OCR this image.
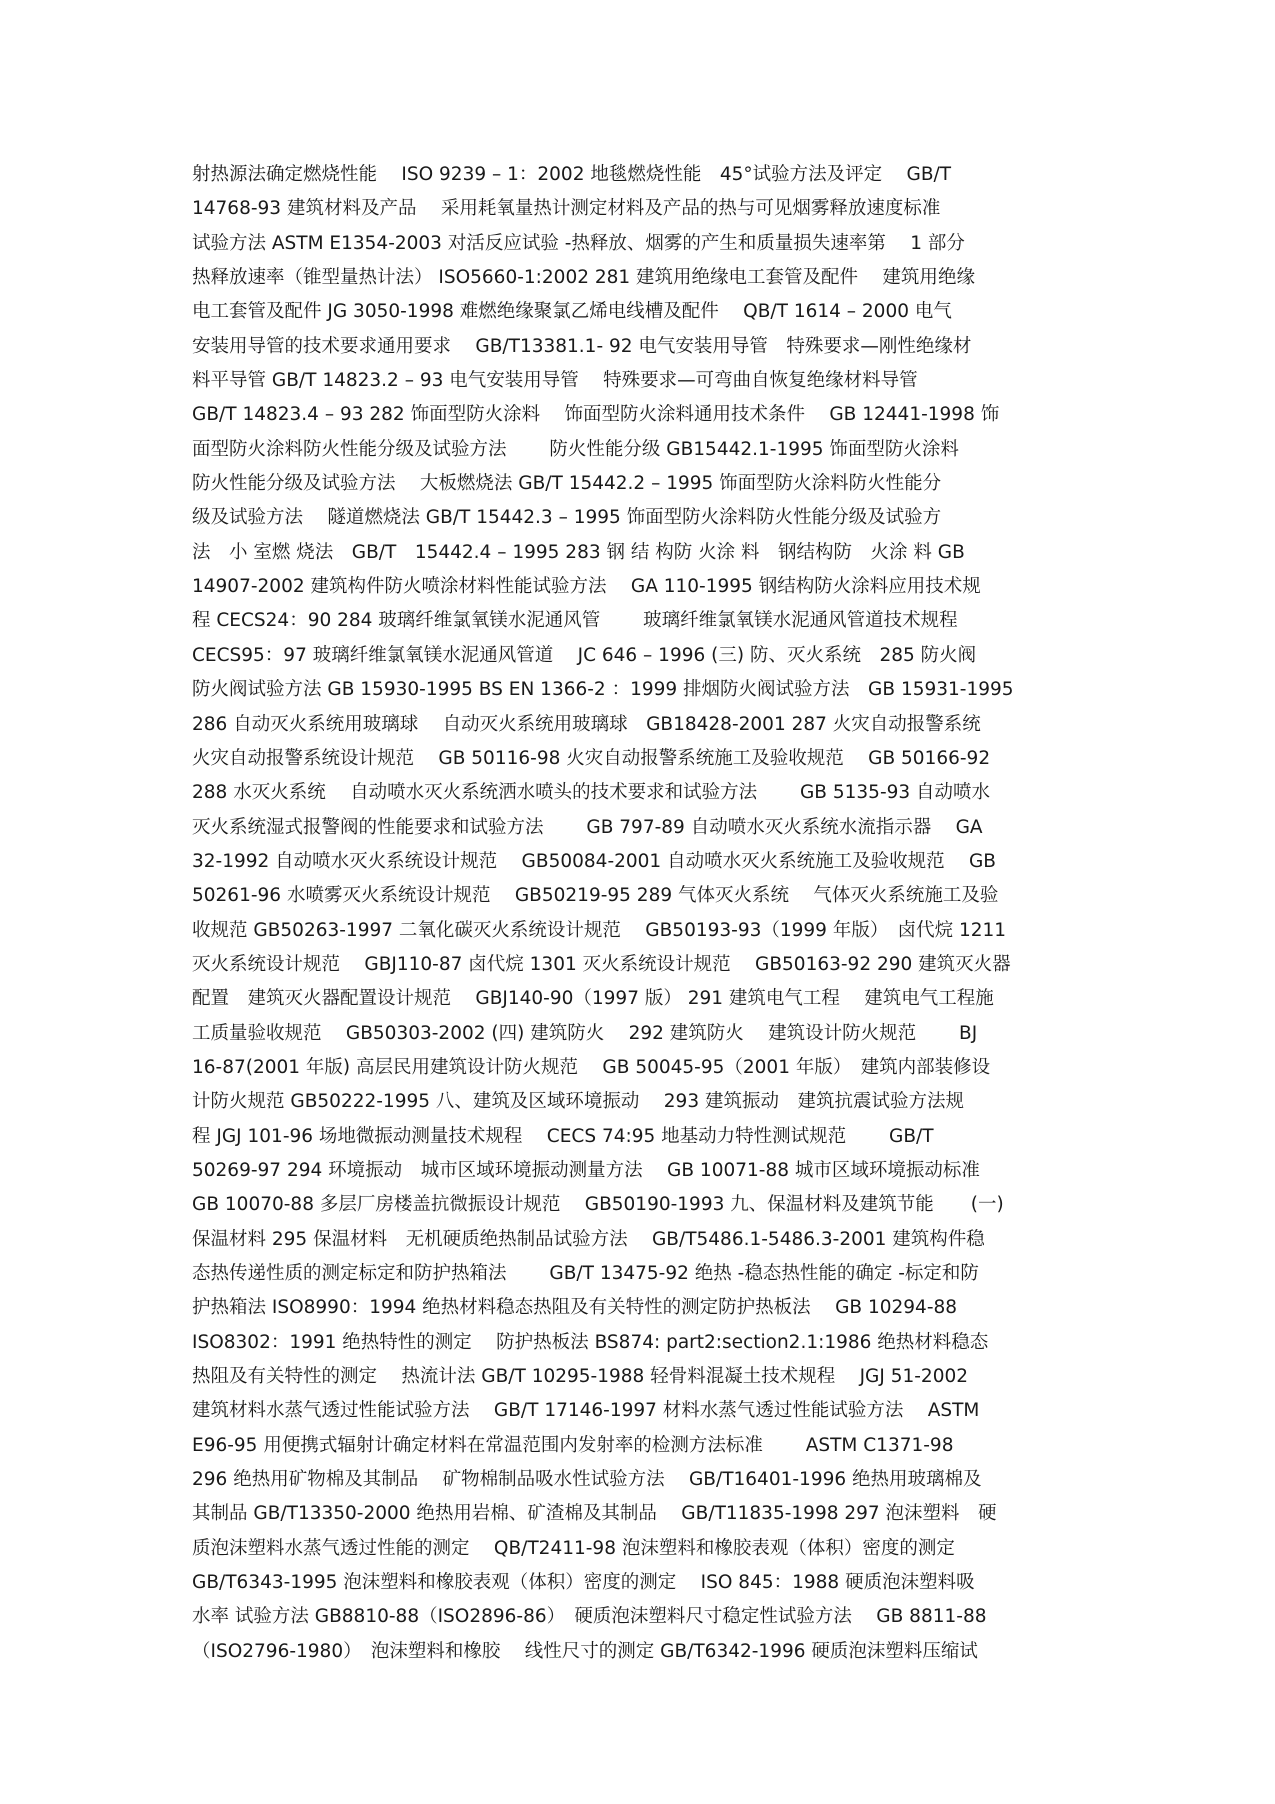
射热源法确定燃烧性能　 ISO 9239 – 1：2002 地毯燃烧性能　45°试验方法及评定　 GB/T
14768-93 建筑材料及产品　 采用耗氧量热计测定材料及产品的热与可见烟雾释放速度标准
试验方法 ASTM E1354-2003 对活反应试验 -热释放、烟雾的产生和质量损失速率第　 1 部分
热释放速率（锥型量热计法） ISO5660-1:2002 281 建筑用绝缘电工套管及配件　 建筑用绝缘
电工套管及配件 JG 3050-1998 难燃绝缘聚氯乙烯电线槽及配件　 QB/T 1614 – 2000 电气
安装用导管的技术要求通用要求　 GB/T13381.1- 92 电气安装用导管　特殊要求—刚性绝缘材
料平导管 GB/T 14823.2 – 93 电气安装用导管　 特殊要求—可弯曲自恢复绝缘材料导管
GB/T 14823.4 – 93 282 饰面型防火涂料　 饰面型防火涂料通用技术条件　 GB 12441-1998 饰
面型防火涂料防火性能分级及试验方法　　 防火性能分级 GB15442.1-1995 饰面型防火涂料
防火性能分级及试验方法　 大板燃烧法 GB/T 15442.2 – 1995 饰面型防火涂料防火性能分
级及试验方法　 隧道燃烧法 GB/T 15442.3 – 1995 饰面型防火涂料防火性能分级及试验方
法　小 室燃 烧法　GB/T　15442.4 – 1995 283 钢 结 构防 火涂 料　钢结构防　火涂 料 GB
14907-2002 建筑构件防火喷涂材料性能试验方法　 GA 110-1995 钢结构防火涂料应用技术规
程 CECS24：90 284 玻璃纤维氯氧镁水泥通风管　　 玻璃纤维氯氧镁水泥通风管道技术规程
CECS95：97 玻璃纤维氯氧镁水泥通风管道　 JC 646 – 1996 (三) 防、灭火系统　285 防火阀
防火阀试验方法 GB 15930-1995 BS EN 1366-2 ：1999 排烟防火阀试验方法　GB 15931-1995
286 自动灭火系统用玻璃球　 自动灭火系统用玻璃球　GB18428-2001 287 火灾自动报警系统
火灾自动报警系统设计规范　 GB 50116-98 火灾自动报警系统施工及验收规范　 GB 50166-92
288 水灭火系统　 自动喷水灭火系统洒水喷头的技术要求和试验方法　　 GB 5135-93 自动喷水
灭火系统湿式报警阀的性能要求和试验方法　　 GB 797-89 自动喷水灭火系统水流指示器　 GA
32-1992 自动喷水灭火系统设计规范　 GB50084-2001 自动喷水灭火系统施工及验收规范　 GB
50261-96 水喷雾灭火系统设计规范　 GB50219-95 289 气体灭火系统　 气体灭火系统施工及验
收规范 GB50263-1997 二氧化碳灭火系统设计规范　 GB50193-93（1999 年版）　卤代烷 1211
灭火系统设计规范　 GBJ110-87 卤代烷 1301 灭火系统设计规范　 GB50163-92 290 建筑灭火器
配置　建筑灭火器配置设计规范　 GBJ140-90（1997 版） 291 建筑电气工程　 建筑电气工程施
工质量验收规范　 GB50303-2002 (四) 建筑防火　 292 建筑防火　 建筑设计防火规范　　 BJ
16-87(2001 年版) 高层民用建筑设计防火规范　 GB 50045-95（2001 年版）　建筑内部装修设
计防火规范 GB50222-1995 八、建筑及区域环境振动　 293 建筑振动　建筑抗震试验方法规
程 JGJ 101-96 场地微振动测量技术规程　 CECS 74:95 地基动力特性测试规范　　 GB/T
50269-97 294 环境振动　城市区域环境振动测量方法　 GB 10071-88 城市区域环境振动标准
GB 10070-88 多层厂房楼盖抗微振设计规范　 GB50190-1993 九、保温材料及建筑节能　　(一)
保温材料 295 保温材料　无机硬质绝热制品试验方法　 GB/T5486.1-5486.3-2001 建筑构件稳
态热传递性质的测定标定和防护热箱法　　 GB/T 13475-92 绝热 -稳态热性能的确定 -标定和防
护热箱法 ISO8990：1994 绝热材料稳态热阻及有关特性的测定防护热板法　 GB 10294-88
ISO8302：1991 绝热特性的测定　 防护热板法 BS874: part2:section2.1:1986 绝热材料稳态
热阻及有关特性的测定　 热流计法 GB/T 10295-1988 轻骨料混凝土技术规程　 JGJ 51-2002
建筑材料水蒸气透过性能试验方法　 GB/T 17146-1997 材料水蒸气透过性能试验方法　 ASTM
E96-95 用便携式辐射计确定材料在常温范围内发射率的检测方法标准　　 ASTM C1371-98
296 绝热用矿物棉及其制品　 矿物棉制品吸水性试验方法　 GB/T16401-1996 绝热用玻璃棉及
其制品 GB/T13350-2000 绝热用岩棉、矿渣棉及其制品　 GB/T11835-1998 297 泡沫塑料　硬
质泡沫塑料水蒸气透过性能的测定　 QB/T2411-98 泡沫塑料和橡胶表观（体积）密度的测定
GB/T6343-1995 泡沫塑料和橡胶表观（体积）密度的测定　 ISO 845：1988 硬质泡沫塑料吸
水率 试验方法 GB8810-88（ISO2896-86）　硬质泡沫塑料尺寸稳定性试验方法　 GB 8811-88
（ISO2796-1980）　泡沫塑料和橡胶　 线性尺寸的测定 GB/T6342-1996 硬质泡沫塑料压缩试
